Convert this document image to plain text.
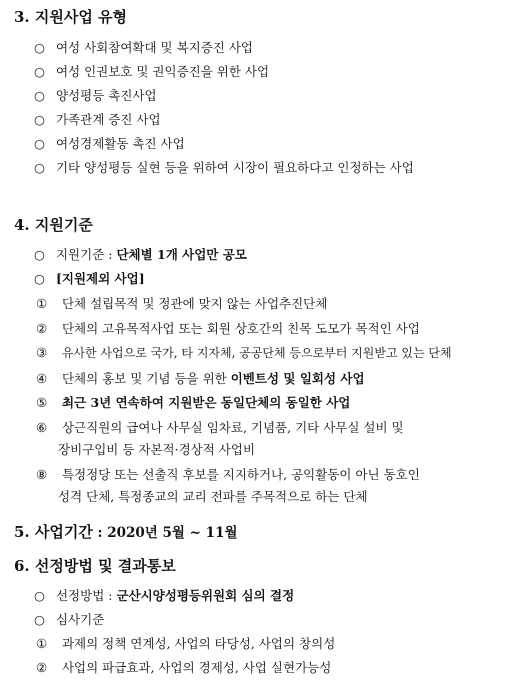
3. 지원사업 유형
○ 여성 사회참여확대 및 복지증진 사업
○ 여성 인권보호 및 권익증진을 위한 사업
○ 양성평등 촉진사업
○ 가족관계 증진 사업
○ 여성경제활동 촉진 사업
○ 기타 양성평등 실현 등을 위하여 시장이 필요하다고 인정하는 사업
4. 지원기준
○ 지원기준 : 단체별 1개 사업만 공모
○ [지원제외 사업]
① 단체 설립목적 및 정관에 맞지 않는 사업추진단체
② 단체의 고유목적사업 또는 회원 상호간의 친목 도모가 목적인 사업
③ 유사한 사업으로 국가, 타 지자체, 공공단체 등으로부터 지원받고 있는 단체
④ 단체의 홍보 및 기념 등을 위한 이벤트성 및 일회성 사업
⑤ 최근 3년 연속하여 지원받은 동일단체의 동일한 사업
⑥ 상근직원의 급여나 사무실 임차료, 기념품, 기타 사무실 설비 및
장비구입비 등 자본적·경상적 사업비
⑧ 특정정당 또는 선출직 후보를 지지하거나, 공익활동이 아닌 동호인
성격 단체, 특정종교의 교리 전파를 주목적으로 하는 단체
5. 사업기간 : 2020년 5월 ~ 11월
6. 선정방법 및 결과통보
○ 선정방법 : 군산시양성평등위원회 심의 결정
○ 심사기준
① 과제의 정책 연계성, 사업의 타당성, 사업의 창의성
② 사업의 파급효과, 사업의 경제성, 사업 실현가능성
